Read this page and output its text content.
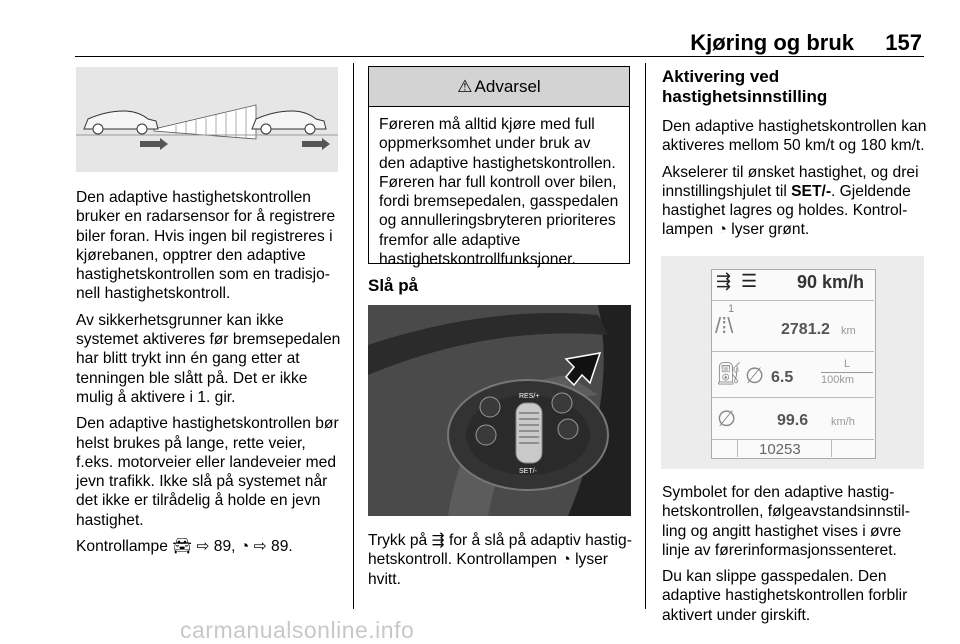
Kjøring og bruk 157

Den adaptive hastighetskontrollen bruker en radarsensor for å registrere biler foran. Hvis ingen bil registreres i kjørebanen, opptrer den adaptive hastighetskontrollen som en tradisjonell hastighetskontroll.

Av sikkerhetsgrunner kan ikke systemet aktiveres før bremsepedalen har blitt trykt inn én gang etter at tenningen ble slått på. Det er ikke mulig å aktivere i 1. gir.

Den adaptive hastighetskontrollen bør helst brukes på lange, rette veier, f.eks. motorveier eller landeveier med jevn trafikk. Ikke slå på systemet når det ikke er tilrådelig å holde en jevn hastighet.

Kontrollampe 🚘︎ ⇨ 89, ◔ ⇨ 89.

⚠ Advarsel
Føreren må alltid kjøre med full oppmerksomhet under bruk av den adaptive hastighetskontrollen. Føreren har full kontroll over bilen, fordi bremsepedalen, gasspedalen og annulleringsbryteren prioriteres fremfor alle adaptive hastighetskontrollfunksjoner.
Slå på
RES/+
SET/-

Trykk på ⇶ for å slå på adaptiv hastighetskontroll. Kontrollampen ◔ lyser hvitt.

Aktivering ved hastighetsinnstilling

Den adaptive hastighetskontrollen kan aktiveres mellom 50 km/t og 180 km/t.

Akselerer til ønsket hastighet, og drei innstillingshjulet til SET/-. Gjeldende hastighet lagres og holdes. Kontrollampen ◔ lyser grønt.

⇶ ☰ 90 km/h
1
/⁞\	2781.2 km
⛽︎ ∅ 6.5
L
100km
∅	99.6 km/h
10253

Symbolet for den adaptive hastighetskontrollen, følgeavstandsinnstilling og angitt hastighet vises i øvre linje av førerinformasjonssenteret.

Du kan slippe gasspedalen. Den adaptive hastighetskontrollen forblir aktivert under girskift.

carmanualsonline.info
